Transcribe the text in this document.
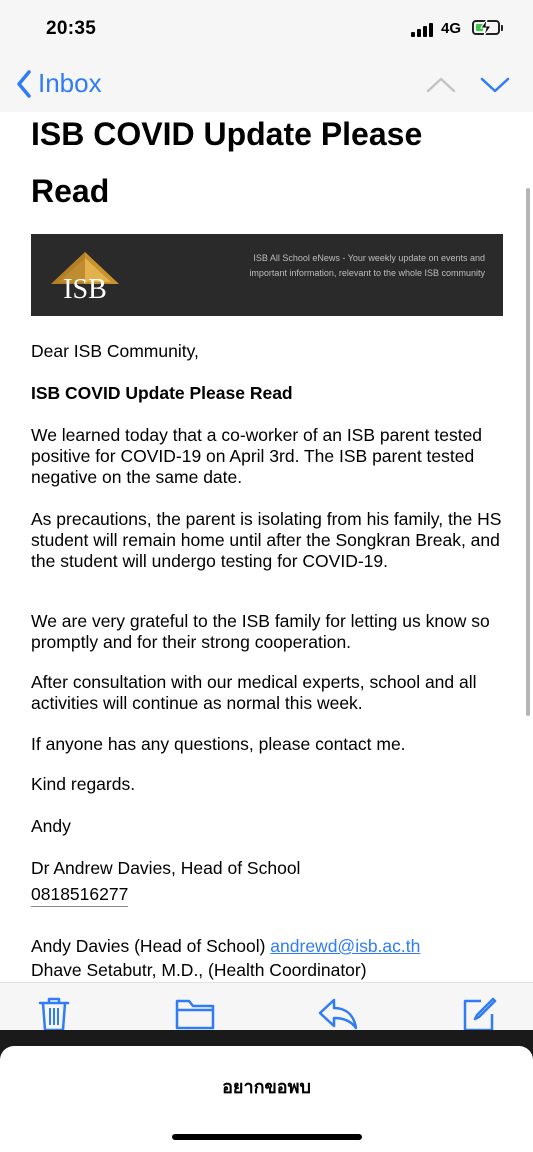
20:35	4G
Inbox
ISB COVID Update Please Read
ISB
ISB All School eNews - Your weekly update on events and important information, relevant to the whole ISB community
Dear ISB Community,
ISB COVID Update Please Read
We learned today that a co-worker of an ISB parent tested positive for COVID-19 on April 3rd. The ISB parent tested negative on the same date.
As precautions, the parent is isolating from his family, the HS student will remain home until after the Songkran Break, and the student will undergo testing for COVID-19.
We are very grateful to the ISB family for letting us know so promptly and for their strong cooperation.
After consultation with our medical experts, school and all activities will continue as normal this week.
If anyone has any questions, please contact me.
Kind regards.
Andy
Dr Andrew Davies, Head of School
0818516277
Andy Davies (Head of School) andrewd@isb.ac.th
Dhave Setabutr, M.D., (Health Coordinator)
อยากขอพบ
